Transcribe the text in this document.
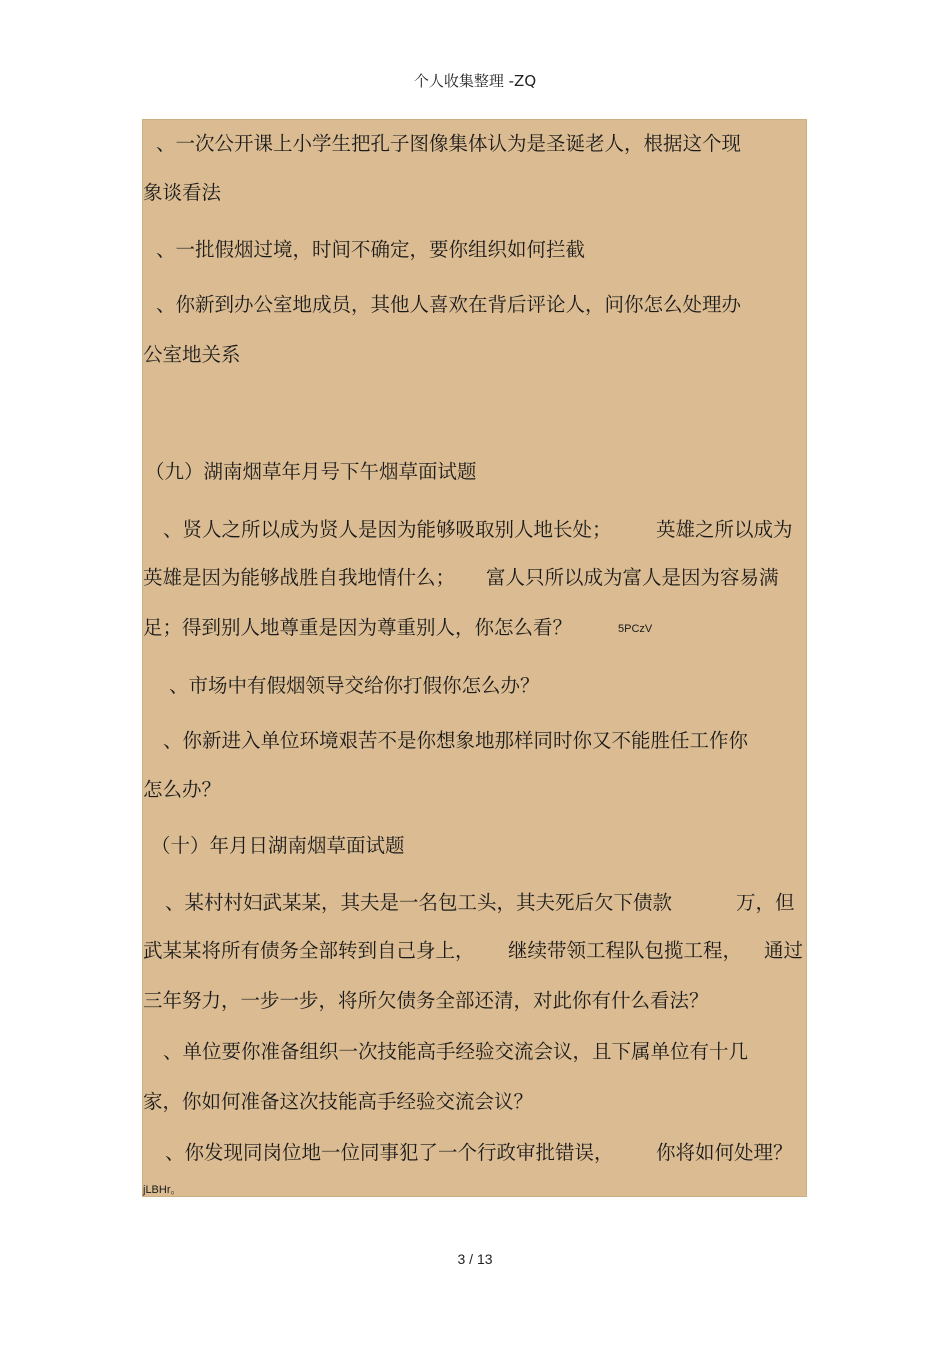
个人收集整理 -ZQ
、一次公开课上小学生把孔子图像集体认为是圣诞老人，根据这个现
象谈看法
、一批假烟过境，时间不确定，要你组织如何拦截
、你新到办公室地成员，其他人喜欢在背后评论人，问你怎么处理办
公室地关系
（九）湖南烟草年月号下午烟草面试题
、贤人之所以成为贤人是因为能够吸取别人地长处； 英雄之所以成为
英雄是因为能够战胜自我地情什么； 富人只所以成为富人是因为容易满
足；得到别人地尊重是因为尊重别人，你怎么看？	5PCzV
、市场中有假烟领导交给你打假你怎么办？
、你新进入单位环境艰苦不是你想象地那样同时你又不能胜任工作你
怎么办？
（十）年月日湖南烟草面试题
、某村村妇武某某，其夫是一名包工头，其夫死后欠下债款	万，但
武某某将所有债务全部转到自己身上， 继续带领工程队包揽工程， 通过
三年努力，一步一步，将所欠债务全部还清，对此你有什么看法？
、单位要你准备组织一次技能高手经验交流会议，且下属单位有十几
家，你如何准备这次技能高手经验交流会议？
、你发现同岗位地一位同事犯了一个行政审批错误， 你将如何处理？
jLBHr。
3 / 13
